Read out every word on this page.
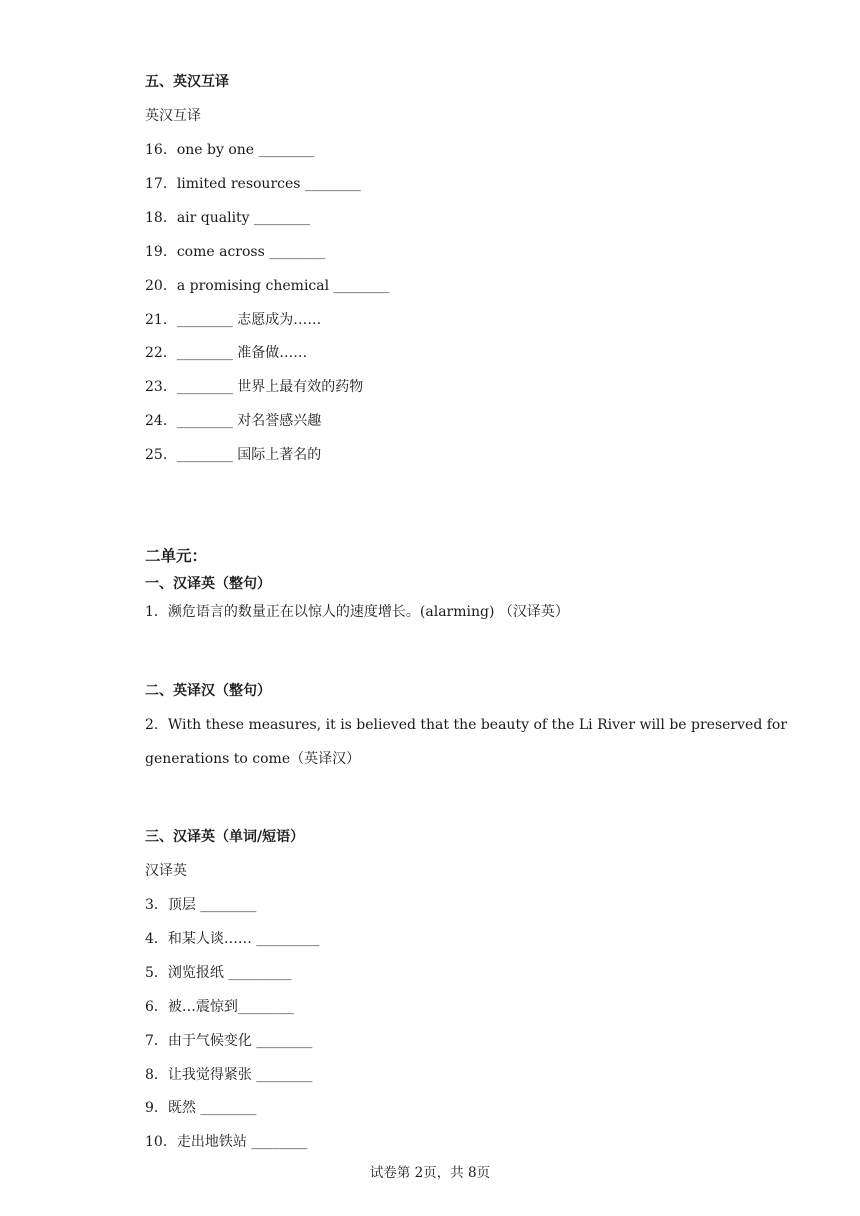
五、英汉互译
英汉互译
16．one by one ________
17．limited resources ________
18．air quality ________
19．come across ________
20．a promising chemical ________
21．________ 志愿成为……
22．________ 准备做……
23．________ 世界上最有效的药物
24．________ 对名誉感兴趣
25．________ 国际上著名的
二单元：
一、汉译英（整句）
1．濒危语言的数量正在以惊人的速度增长。(alarming) （汉译英）
二、英译汉（整句）
2．With these measures, it is believed that the beauty of the Li River will be preserved for
generations to come（英译汉）
三、汉译英（单词/短语）
汉译英
3．顶层 ________
4．和某人谈…… _________
5．浏览报纸 _________
6．被…震惊到________
7．由于气候变化 ________
8．让我觉得紧张 ________
9．既然 ________
10．走出地铁站 ________
试卷第 2页，共 8页
